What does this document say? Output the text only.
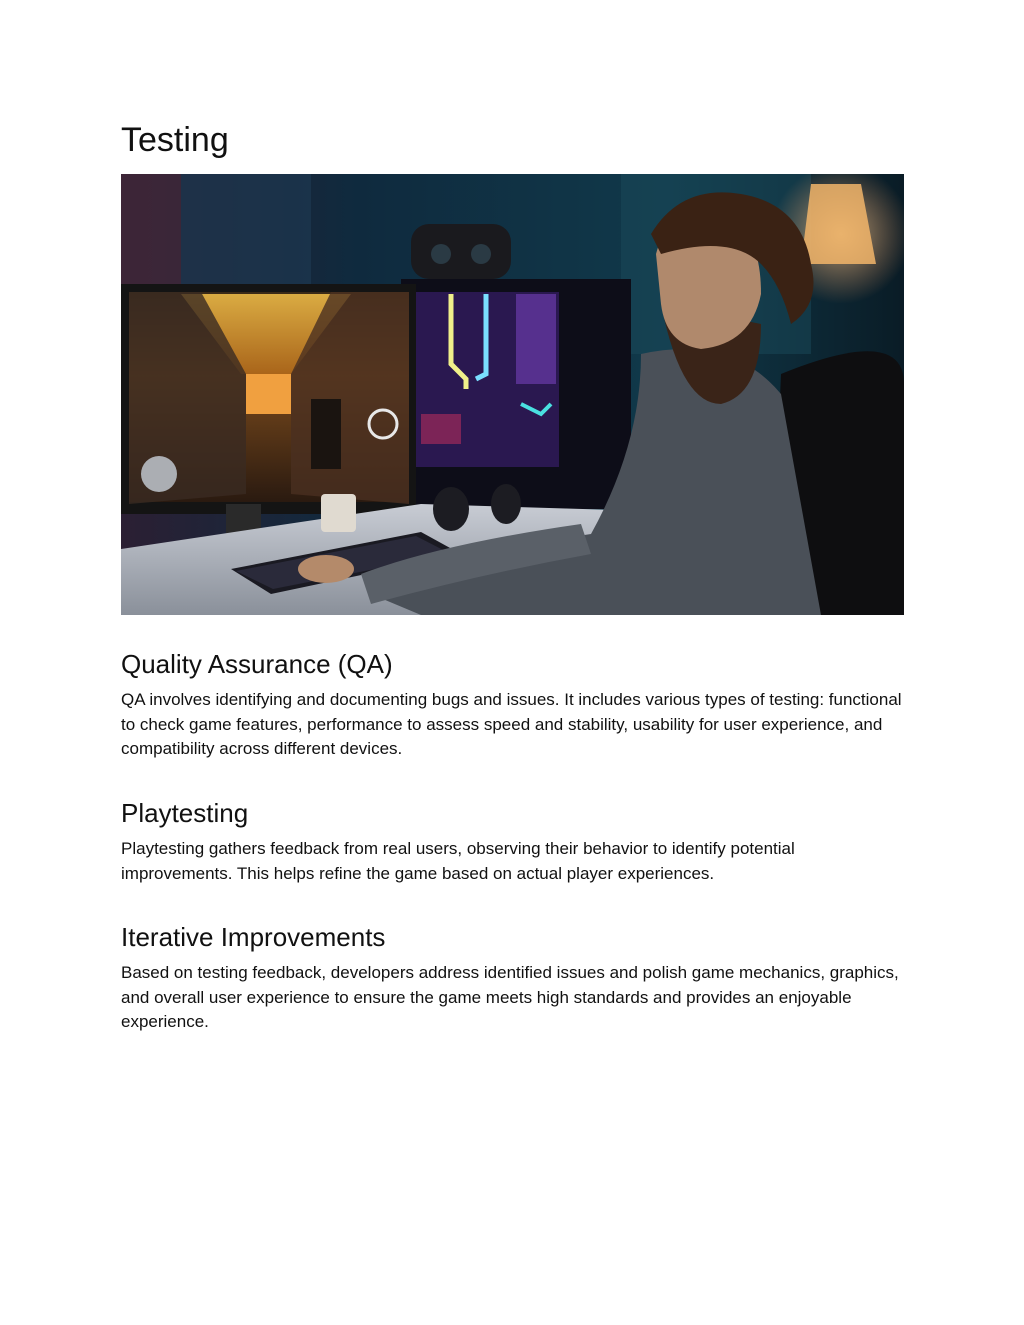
Testing
Quality Assurance (QA)

QA involves identifying and documenting bugs and issues. It includes various types of testing: functional to check game features, performance to assess speed and stability, usability for user experience, and compatibility across different devices.

Playtesting

Playtesting gathers feedback from real users, observing their behavior to identify potential improvements. This helps refine the game based on actual player experiences.

Iterative Improvements

Based on testing feedback, developers address identified issues and polish game mechanics, graphics, and overall user experience to ensure the game meets high standards and provides an enjoyable experience.
